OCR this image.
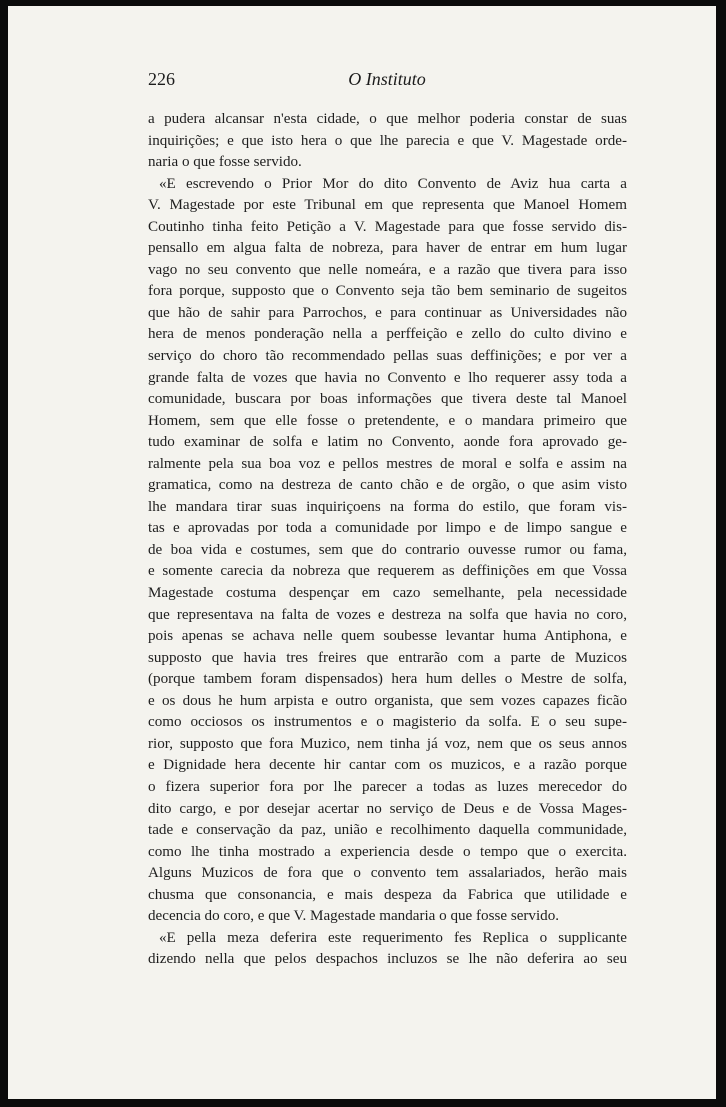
226	O Instituto
a pudera alcansar n'esta cidade, o que melhor poderia constar de suas
inquirições; e que isto hera o que lhe parecia e que V. Magestade orde-
naria o que fosse servido.
«E escrevendo o Prior Mor do dito Convento de Aviz hua carta a
V. Magestade por este Tribunal em que representa que Manoel Homem
Coutinho tinha feito Petição a V. Magestade para que fosse servido dis-
pensallo em algua falta de nobreza, para haver de entrar em hum lugar
vago no seu convento que nelle nomeára, e a razão que tivera para isso
fora porque, supposto que o Convento seja tão bem seminario de sugeitos
que hão de sahir para Parrochos, e para continuar as Universidades não
hera de menos ponderação nella a perffeição e zello do culto divino e
serviço do choro tão recommendado pellas suas deffinições; e por ver a
grande falta de vozes que havia no Convento e lho requerer assy toda a
comunidade, buscara por boas informações que tivera deste tal Manoel
Homem, sem que elle fosse o pretendente, e o mandara primeiro que
tudo examinar de solfa e latim no Convento, aonde fora aprovado ge-
ralmente pela sua boa voz e pellos mestres de moral e solfa e assim na
gramatica, como na destreza de canto chão e de orgão, o que asim visto
lhe mandara tirar suas inquiriçoens na forma do estilo, que foram vis-
tas e aprovadas por toda a comunidade por limpo e de limpo sangue e
de boa vida e costumes, sem que do contrario ouvesse rumor ou fama,
e somente carecia da nobreza que requerem as deffinições em que Vossa
Magestade costuma despençar em cazo semelhante, pela necessidade
que representava na falta de vozes e destreza na solfa que havia no coro,
pois apenas se achava nelle quem soubesse levantar huma Antiphona, e
supposto que havia tres freires que entrarão com a parte de Muzicos
(porque tambem foram dispensados) hera hum delles o Mestre de solfa,
e os dous he hum arpista e outro organista, que sem vozes capazes ficão
como occiosos os instrumentos e o magisterio da solfa. E o seu supe-
rior, supposto que fora Muzico, nem tinha já voz, nem que os seus annos
e Dignidade hera decente hir cantar com os muzicos, e a razão porque
o fizera superior fora por lhe parecer a todas as luzes merecedor do
dito cargo, e por desejar acertar no serviço de Deus e de Vossa Mages-
tade e conservação da paz, união e recolhimento daquella communidade,
como lhe tinha mostrado a experiencia desde o tempo que o exercita.
Alguns Muzicos de fora que o convento tem assalariados, herão mais
chusma que consonancia, e mais despeza da Fabrica que utilidade e
decencia do coro, e que V. Magestade mandaria o que fosse servido.
«E pella meza deferira este requerimento fes Replica o supplicante
dizendo nella que pelos despachos incluzos se lhe não deferira ao seu
